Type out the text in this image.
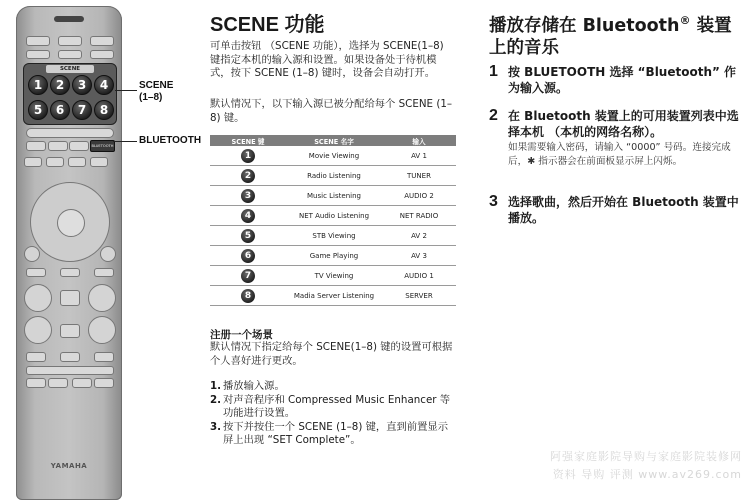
SCENE
1	2	3	4
5	6	7	8
BLUETOOTH
YAMAHA
SCENE
(1–8)
BLUETOOTH
SCENE 功能
可单击按钮 （SCENE 功能），选择为 SCENE(1–8) 键指定本机的输入源和设置。如果设备处于待机模式，按下 SCENE (1–8) 键时，设备会自动打开。
默认情况下，以下输入源已被分配给每个 SCENE (1–8) 键。
SCENE 键	SCENE 名字	输入
1	Movie Viewing	AV 1
2	Radio Listening	TUNER
3	Music Listening	AUDIO 2
4	NET Audio Listening	NET RADIO
5	STB Viewing	AV 2
6	Game Playing	AV 3
7	TV Viewing	AUDIO 1
8	Madia Server Listening	SERVER
注册一个场景
默认情况下指定给每个 SCENE(1–8) 键的设置可根据个人喜好进行更改。
1. 播放输入源。
2. 对声音程序和 Compressed Music Enhancer 等功能进行设置。
3. 按下并按住一个 SCENE (1–8) 键，直到前置显示屏上出现 “SET Complete”。
播放存储在 Bluetooth® 装置上的音乐
1 按 BLUETOOTH 选择 “Bluetooth” 作为输入源。
2 在 Bluetooth 装置上的可用装置列表中选择本机 （本机的网络名称）。
如果需要输入密码，请输入 “0000” 号码。连接完成后，✱ 指示器会在前面板显示屏上闪烁。
3 选择歌曲，然后开始在 Bluetooth 装置中播放。
阿强家庭影院导购与家庭影院装修网
资料 导购 评测 www.av269.com
